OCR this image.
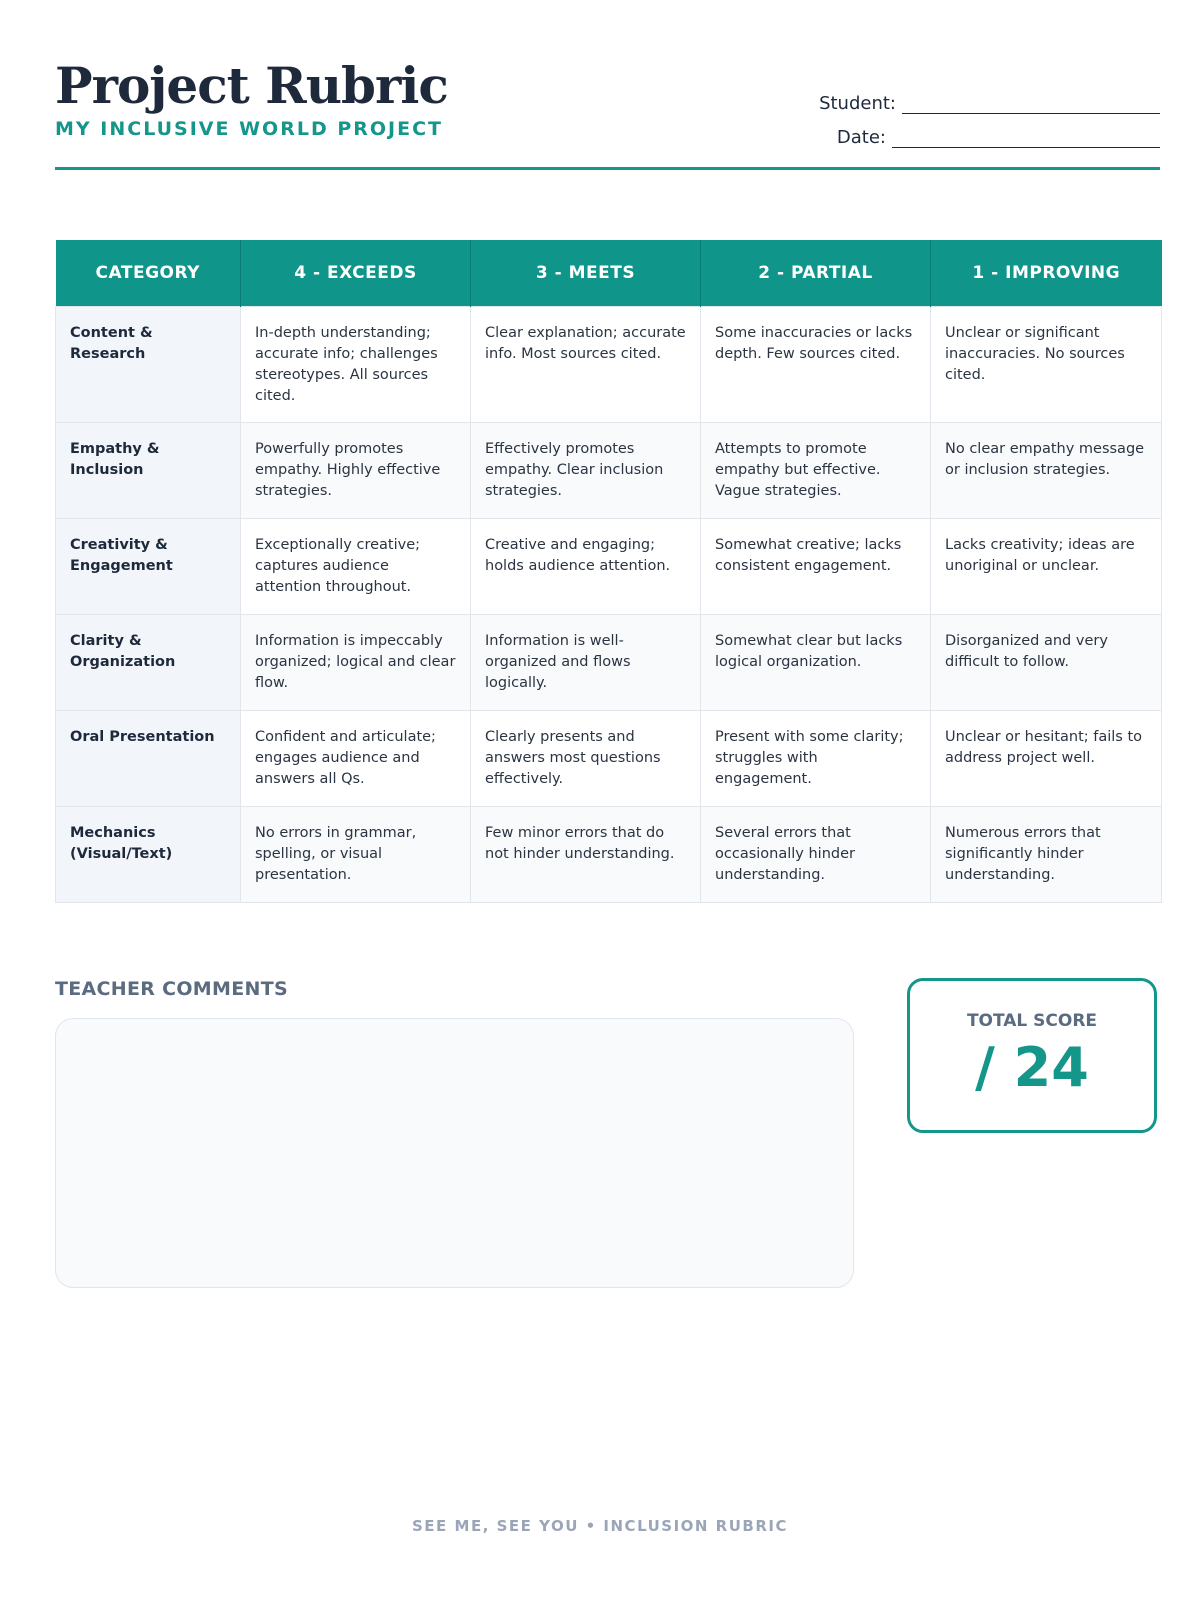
Project Rubric
MY INCLUSIVE WORLD PROJECT
Student:
Date:
CATEGORY	4 - EXCEEDS	3 - MEETS	2 - PARTIAL	1 - IMPROVING
Content & Research	In-depth understanding; accurate info; challenges stereotypes. All sources cited.	Clear explanation; accurate info. Most sources cited.	Some inaccuracies or lacks depth. Few sources cited.	Unclear or significant inaccuracies. No sources cited.
Empathy & Inclusion	Powerfully promotes empathy. Highly effective strategies.	Effectively promotes empathy. Clear inclusion strategies.	Attempts to promote empathy but effective. Vague strategies.	No clear empathy message or inclusion strategies.
Creativity & Engagement	Exceptionally creative; captures audience attention throughout.	Creative and engaging; holds audience attention.	Somewhat creative; lacks consistent engagement.	Lacks creativity; ideas are unoriginal or unclear.
Clarity & Organization	Information is impeccably organized; logical and clear flow.	Information is well-organized and flows logically.	Somewhat clear but lacks logical organization.	Disorganized and very difficult to follow.
Oral Presentation	Confident and articulate; engages audience and answers all Qs.	Clearly presents and answers most questions effectively.	Present with some clarity; struggles with engagement.	Unclear or hesitant; fails to address project well.
Mechanics (Visual/Text)	No errors in grammar, spelling, or visual presentation.	Few minor errors that do not hinder understanding.	Several errors that occasionally hinder understanding.	Numerous errors that significantly hinder understanding.
TEACHER COMMENTS
TOTAL SCORE
/ 24
SEE ME, SEE YOU • INCLUSION RUBRIC
